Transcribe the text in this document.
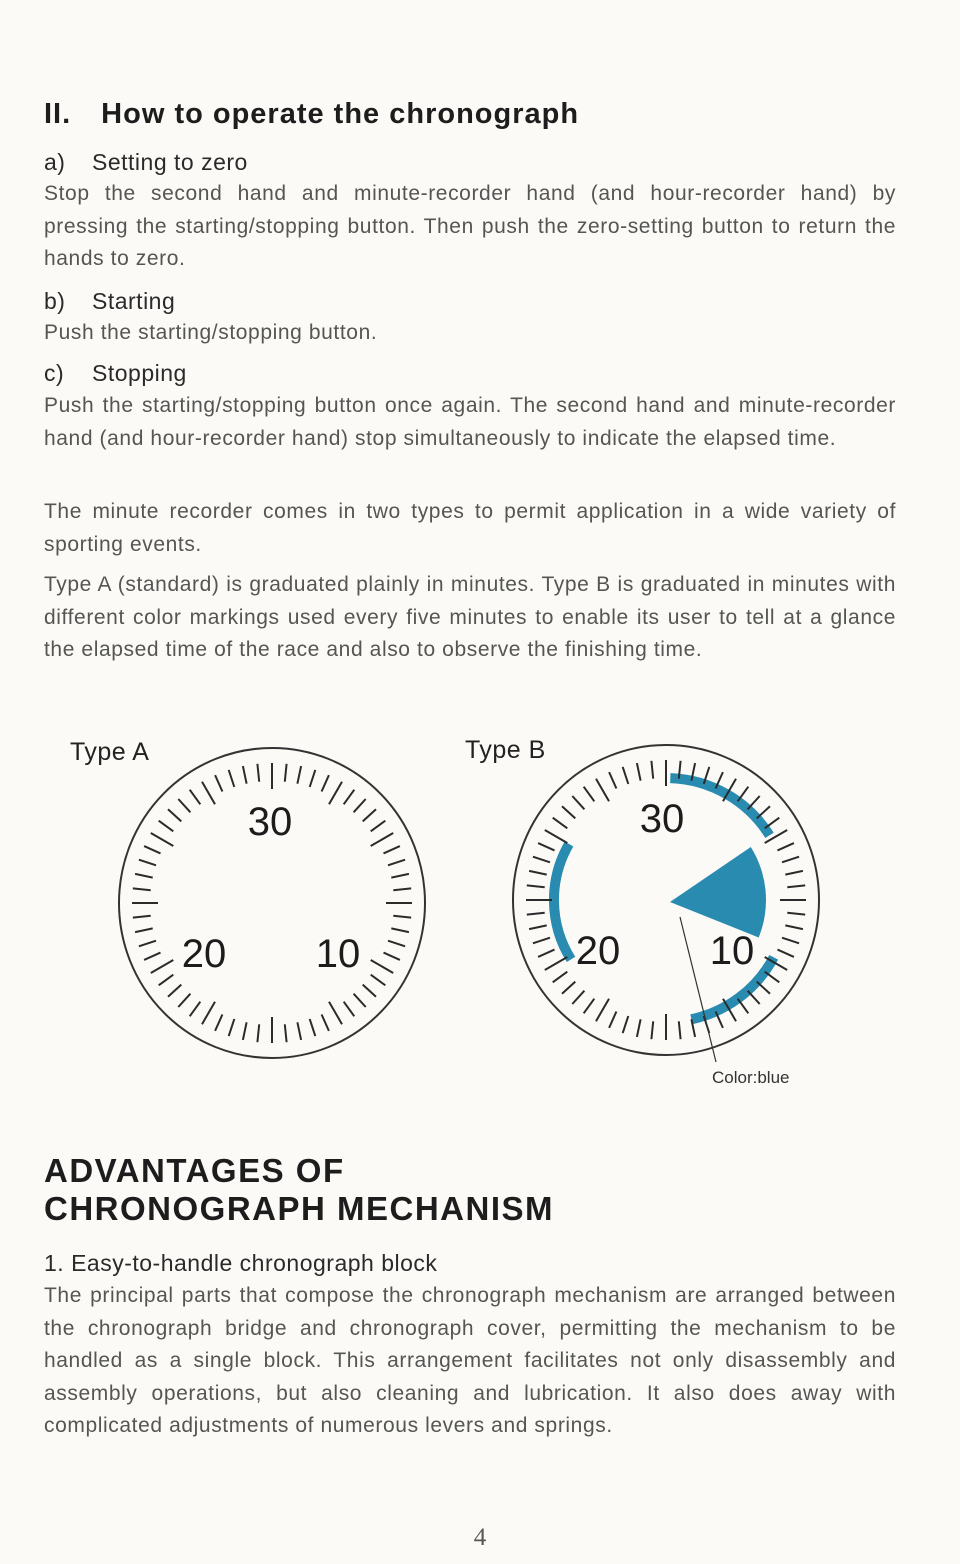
II. How to operate the chronograph

a) Setting to zero

Stop the second hand and minute-recorder hand (and hour-recorder hand) by pressing the starting/stopping button. Then push the zero-setting button to return the hands to zero.

b) Starting

Push the starting/stopping button.

c) Stopping

Push the starting/stopping button once again. The second hand and minute-recorder hand (and hour-recorder hand) stop simultaneously to indicate the elapsed time.

The minute recorder comes in two types to permit application in a wide variety of sporting events.

Type A (standard) is graduated plainly in minutes. Type B is graduated in minutes with different color markings used every five minutes to enable its user to tell at a glance the elapsed time of the race and also to observe the finishing time.

Type A	Type B
30
20 10
30
20 10
Color:blue
ADVANTAGES OF
CHRONOGRAPH MECHANISM

1. Easy-to-handle chronograph block

The principal parts that compose the chronograph mechanism are arranged between the chronograph bridge and chronograph cover, permitting the mechanism to be handled as a single block. This arrangement facilitates not only disassembly and assembly operations, but also cleaning and lubrication. It also does away with complicated adjustments of numerous levers and springs.

4
